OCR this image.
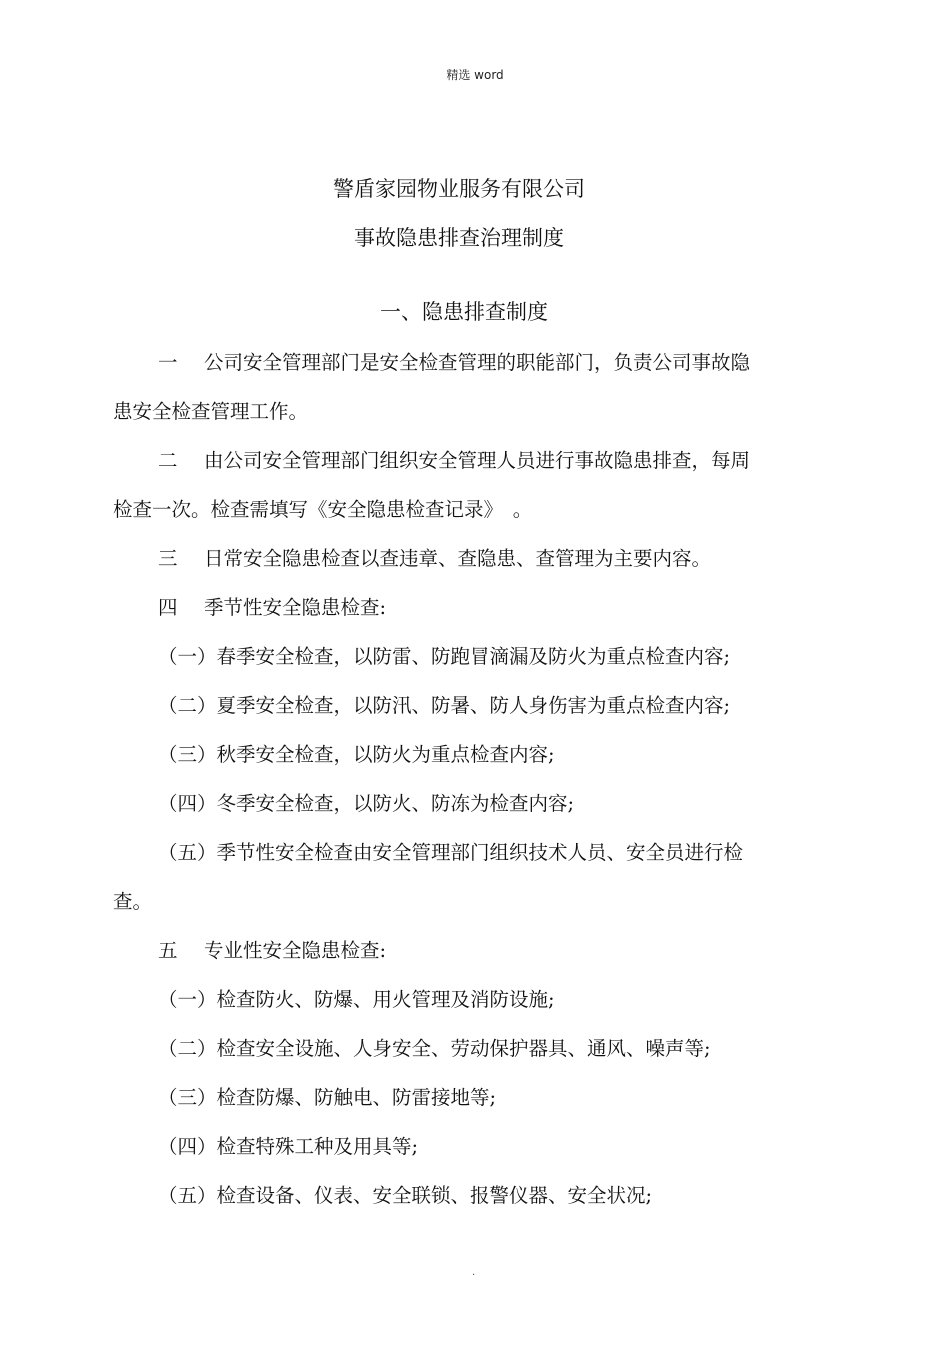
精选 word
警盾家园物业服务有限公司
事故隐患排查治理制度
一、隐患排查制度
一 公司安全管理部门是安全检查管理的职能部门，负责公司事故隐
患安全检查管理工作。
二 由公司安全管理部门组织安全管理人员进行事故隐患排查，每周
检查一次。检查需填写《安全隐患检查记录》　。
三 日常安全隐患检查以查违章、查隐患、查管理为主要内容。
四 季节性安全隐患检查:
（一）春季安全检查，以防雷、防跑冒滴漏及防火为重点检查内容;
（二）夏季安全检查，以防汛、防暑、防人身伤害为重点检查内容;
（三）秋季安全检查，以防火为重点检查内容;
（四）冬季安全检查，以防火、防冻为检查内容;
（五）季节性安全检查由安全管理部门组织技术人员、安全员进行检
查。
五 专业性安全隐患检查:
（一）检查防火、防爆、用火管理及消防设施;
（二）检查安全设施、人身安全、劳动保护器具、通风、噪声等;
（三）检查防爆、防触电、防雷接地等;
（四）检查特殊工种及用具等;
（五）检查设备、仪表、安全联锁、报警仪器、安全状况;
.
